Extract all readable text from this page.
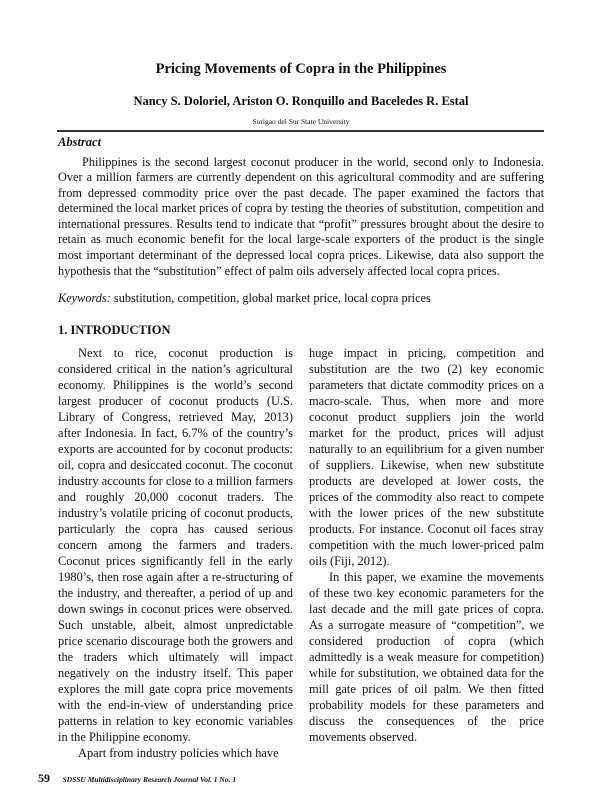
Pricing Movements of Copra in the Philippines
Nancy S. Doloriel, Ariston O. Ronquillo and Baceledes R. Estal
Surigao del Sur State University
Abstract

Philippines is the second largest coconut producer in the world, second only to Indonesia. Over a million farmers are currently dependent on this agricultural commodity and are suffering from depressed commodity price over the past decade. The paper examined the factors that determined the local market prices of copra by testing the theories of substitution, competition and international pressures. Results tend to indicate that “profit” pressures brought about the desire to retain as much economic benefit for the local large-scale exporters of the product is the single most important determinant of the depressed local copra prices. Likewise, data also support the hypothesis that the “substitution” effect of palm oils adversely affected local copra prices.

Keywords: substitution, competition, global market price, local copra prices
1. INTRODUCTION

Next to rice, coconut production is considered critical in the nation’s agricultural economy. Philippines is the world’s second largest producer of coconut products (U.S. Library of Congress, retrieved May, 2013) after Indonesia. In fact, 6.7% of the country’s exports are accounted for by coconut products: oil, copra and desiccated coconut. The coconut industry accounts for close to a million farmers and roughly 20,000 coconut traders. The industry’s volatile pricing of coconut products, particularly the copra has caused serious concern among the farmers and traders. Coconut prices significantly fell in the early 1980’s, then rose again after a re-structuring of the industry, and thereafter, a period of up and down swings in coconut prices were observed. Such unstable, albeit, almost unpredictable price scenario discourage both the growers and the traders which ultimately will impact negatively on the industry itself. This paper explores the mill gate copra price movements with the end-in-view of understanding price patterns in relation to key economic variables in the Philippine economy.

Apart from industry policies which have

huge impact in pricing, competition and substitution are the two (2) key economic parameters that dictate commodity prices on a macro-scale. Thus, when more and more coconut product suppliers join the world market for the product, prices will adjust naturally to an equilibrium for a given number of suppliers. Likewise, when new substitute products are developed at lower costs, the prices of the commodity also react to compete with the lower prices of the new substitute products. For instance. Coconut oil faces stray competition with the much lower-priced palm oils (Fiji, 2012).

In this paper, we examine the movements of these two key economic parameters for the last decade and the mill gate prices of copra. As a surrogate measure of “competition”, we considered production of copra (which admittedly is a weak measure for competition) while for substitution, we obtained data for the mill gate prices of oil palm. We then fitted probability models for these parameters and discuss the consequences of the price movements observed.

59 SDSSU Multidisciplinary Research Journal Vol. 1 No. 1
